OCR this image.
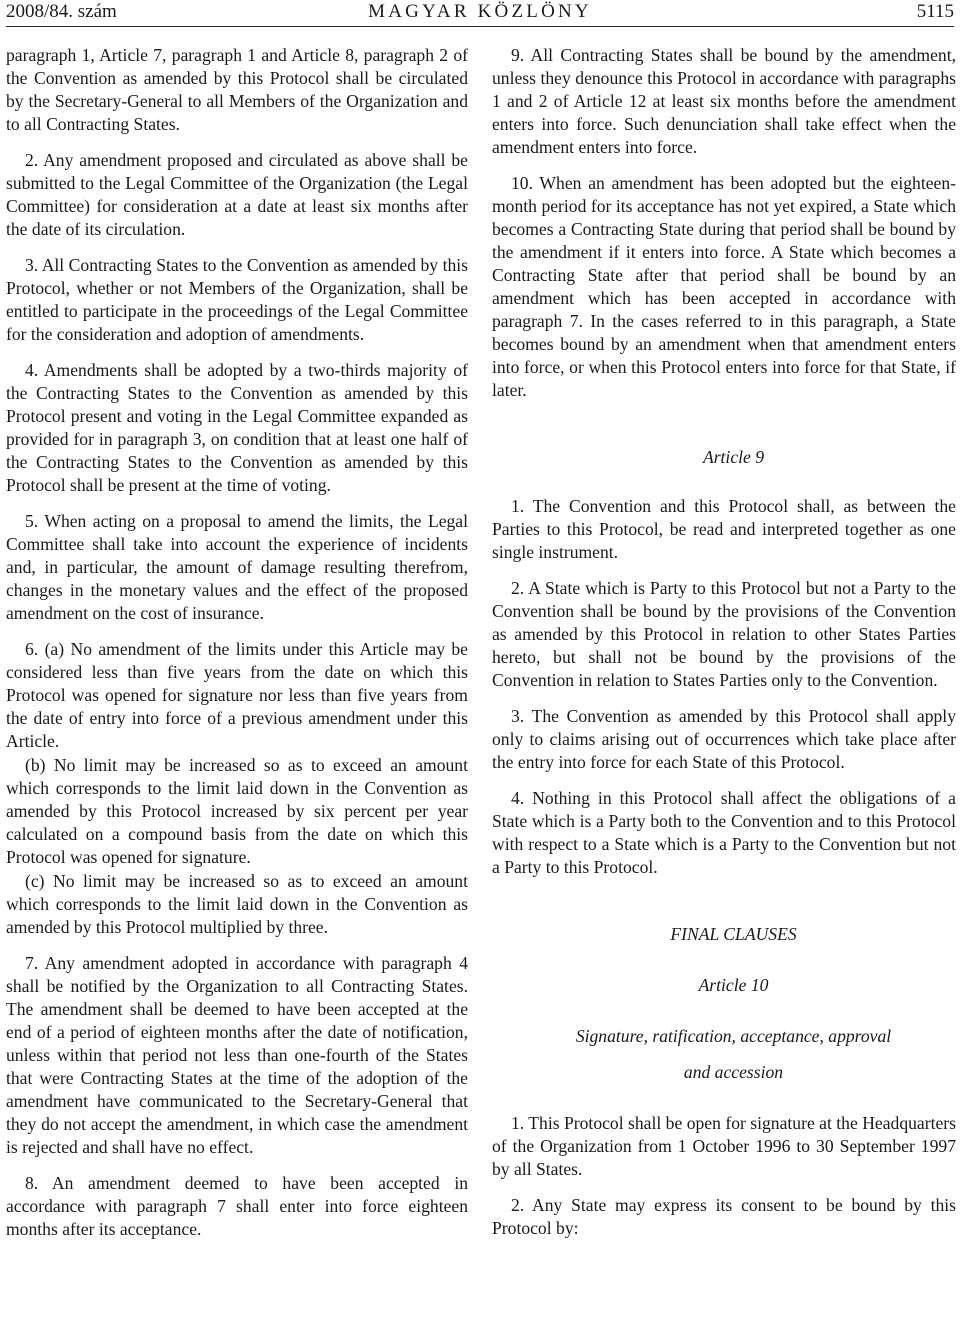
2008/84. szám	MAGYAR KÖZLÖNY	5115

paragraph 1, Article 7, paragraph 1 and Article 8, paragraph 2 of the Convention as amended by this Protocol shall be circulated by the Secretary-General to all Members of the Organization and to all Contracting States.

2. Any amendment proposed and circulated as above shall be submitted to the Legal Committee of the Organization (the Legal Committee) for consideration at a date at least six months after the date of its circulation.

3. All Contracting States to the Convention as amended by this Protocol, whether or not Members of the Organization, shall be entitled to participate in the proceedings of the Legal Committee for the consideration and adoption of amendments.

4. Amendments shall be adopted by a two-thirds majority of the Contracting States to the Convention as amended by this Protocol present and voting in the Legal Committee expanded as provided for in paragraph 3, on condition that at least one half of the Contracting States to the Convention as amended by this Protocol shall be present at the time of voting.

5. When acting on a proposal to amend the limits, the Legal Committee shall take into account the experience of incidents and, in particular, the amount of damage resulting therefrom, changes in the monetary values and the effect of the proposed amendment on the cost of insurance.

6. (a) No amendment of the limits under this Article may be considered less than five years from the date on which this Protocol was opened for signature nor less than five years from the date of entry into force of a previous amendment under this Article.

(b) No limit may be increased so as to exceed an amount which corresponds to the limit laid down in the Convention as amended by this Protocol increased by six percent per year calculated on a compound basis from the date on which this Protocol was opened for signature.

(c) No limit may be increased so as to exceed an amount which corresponds to the limit laid down in the Convention as amended by this Protocol multiplied by three.

7. Any amendment adopted in accordance with paragraph 4 shall be notified by the Organization to all Contracting States. The amendment shall be deemed to have been accepted at the end of a period of eighteen months after the date of notification, unless within that period not less than one-fourth of the States that were Contracting States at the time of the adoption of the amendment have communicated to the Secretary-General that they do not accept the amendment, in which case the amendment is rejected and shall have no effect.

8. An amendment deemed to have been accepted in accordance with paragraph 7 shall enter into force eighteen months after its acceptance.

9. All Contracting States shall be bound by the amendment, unless they denounce this Protocol in accordance with paragraphs 1 and 2 of Article 12 at least six months before the amendment enters into force. Such denunciation shall take effect when the amendment enters into force.

10. When an amendment has been adopted but the eighteen-month period for its acceptance has not yet expired, a State which becomes a Contracting State during that period shall be bound by the amendment if it enters into force. A State which becomes a Contracting State after that period shall be bound by an amendment which has been accepted in accordance with paragraph 7. In the cases referred to in this paragraph, a State becomes bound by an amendment when that amendment enters into force, or when this Protocol enters into force for that State, if later.

Article 9

1. The Convention and this Protocol shall, as between the Parties to this Protocol, be read and interpreted together as one single instrument.

2. A State which is Party to this Protocol but not a Party to the Convention shall be bound by the provisions of the Convention as amended by this Protocol in relation to other States Parties hereto, but shall not be bound by the provisions of the Convention in relation to States Parties only to the Convention.

3. The Convention as amended by this Protocol shall apply only to claims arising out of occurrences which take place after the entry into force for each State of this Protocol.

4. Nothing in this Protocol shall affect the obligations of a State which is a Party both to the Convention and to this Protocol with respect to a State which is a Party to the Convention but not a Party to this Protocol.

FINAL CLAUSES

Article 10

Signature, ratification, acceptance, approval

and accession

1. This Protocol shall be open for signature at the Headquarters of the Organization from 1 October 1996 to 30 September 1997 by all States.

2. Any State may express its consent to be bound by this Protocol by:
